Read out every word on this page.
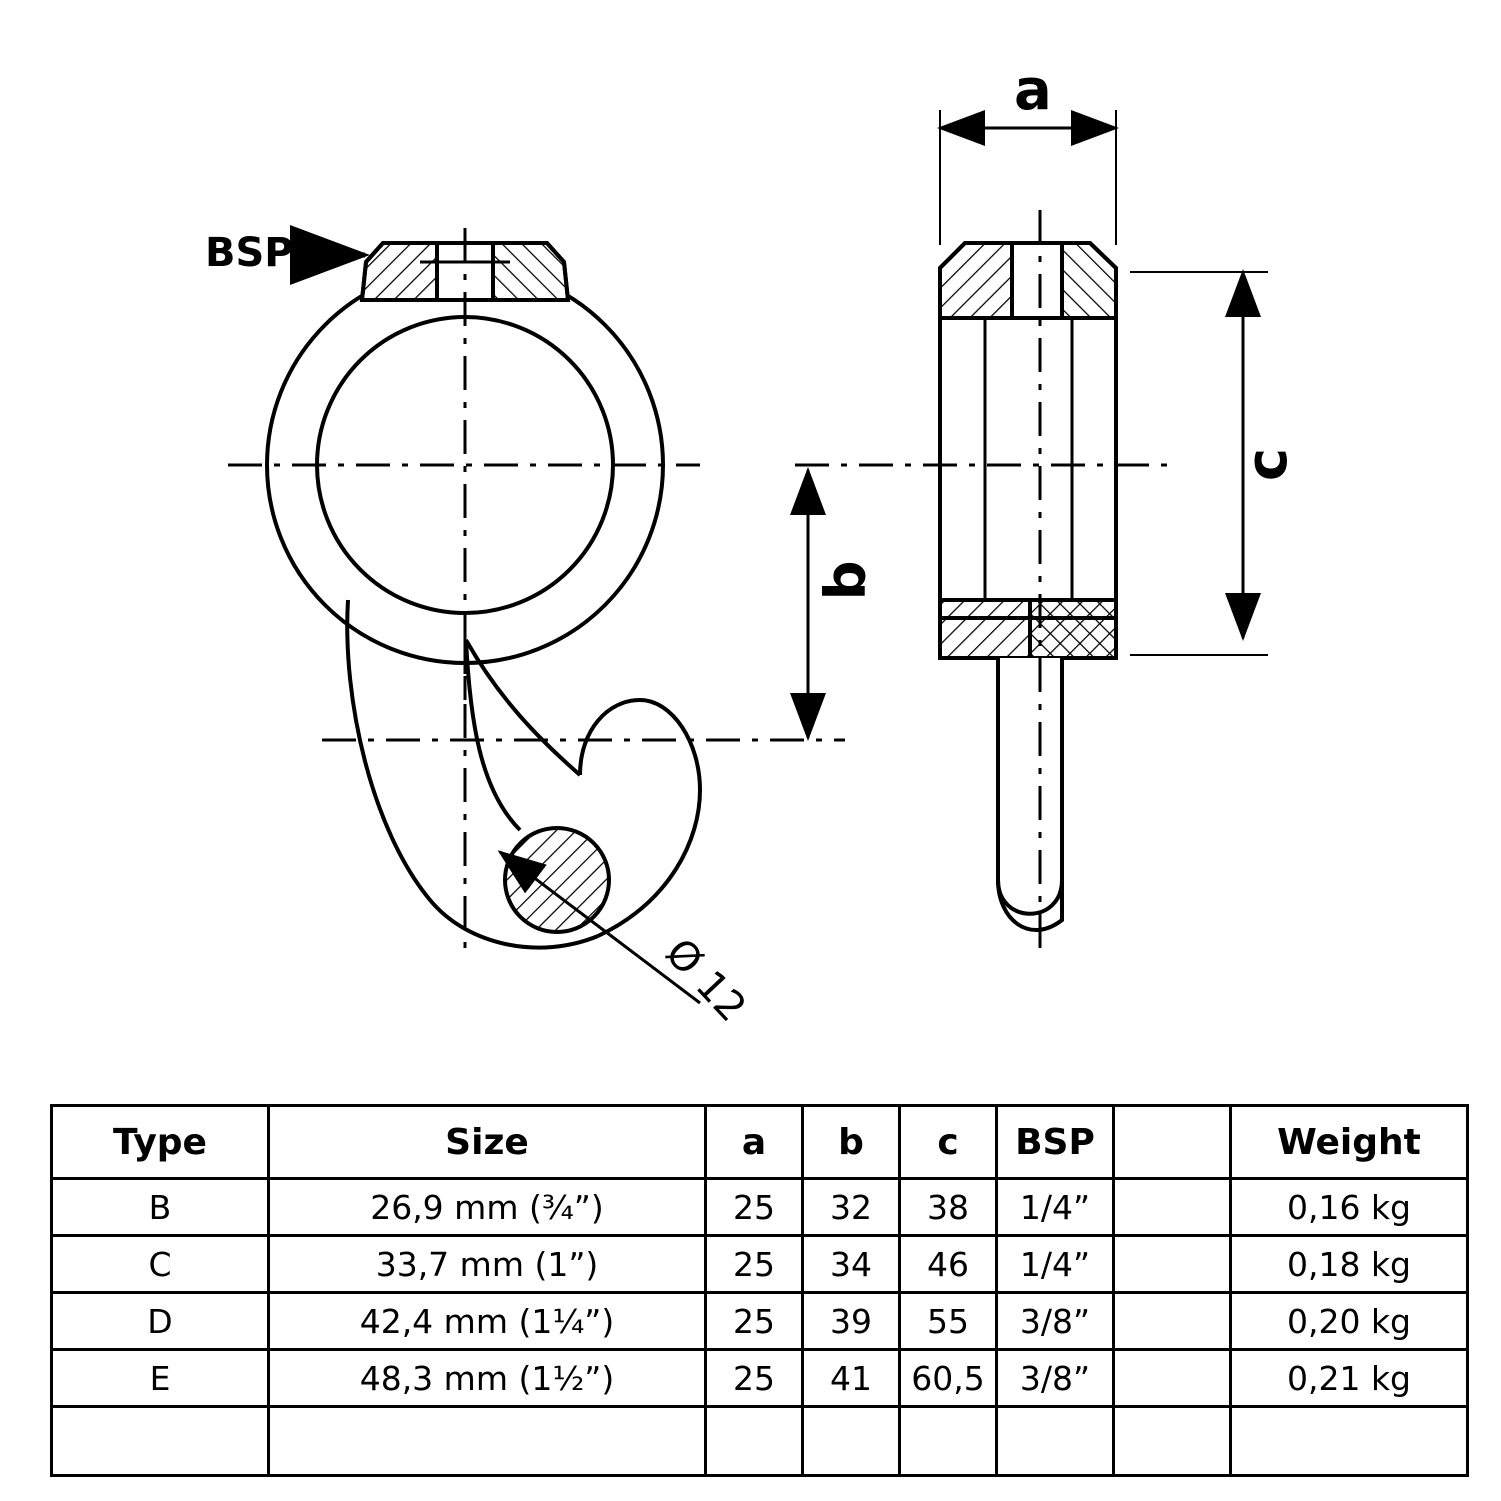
BSP
a
b
c
Ø 12
Type	Size	a	b	c	BSP		Weight
B	26,9 mm (¾”)	25	32	38	1/4”		0,16 kg
C	33,7 mm (1”)	25	34	46	1/4”		0,18 kg
D	42,4 mm (1¼”)	25	39	55	3/8”		0,20 kg
E	48,3 mm (1½”)	25	41	60,5	3/8”		0,21 kg
